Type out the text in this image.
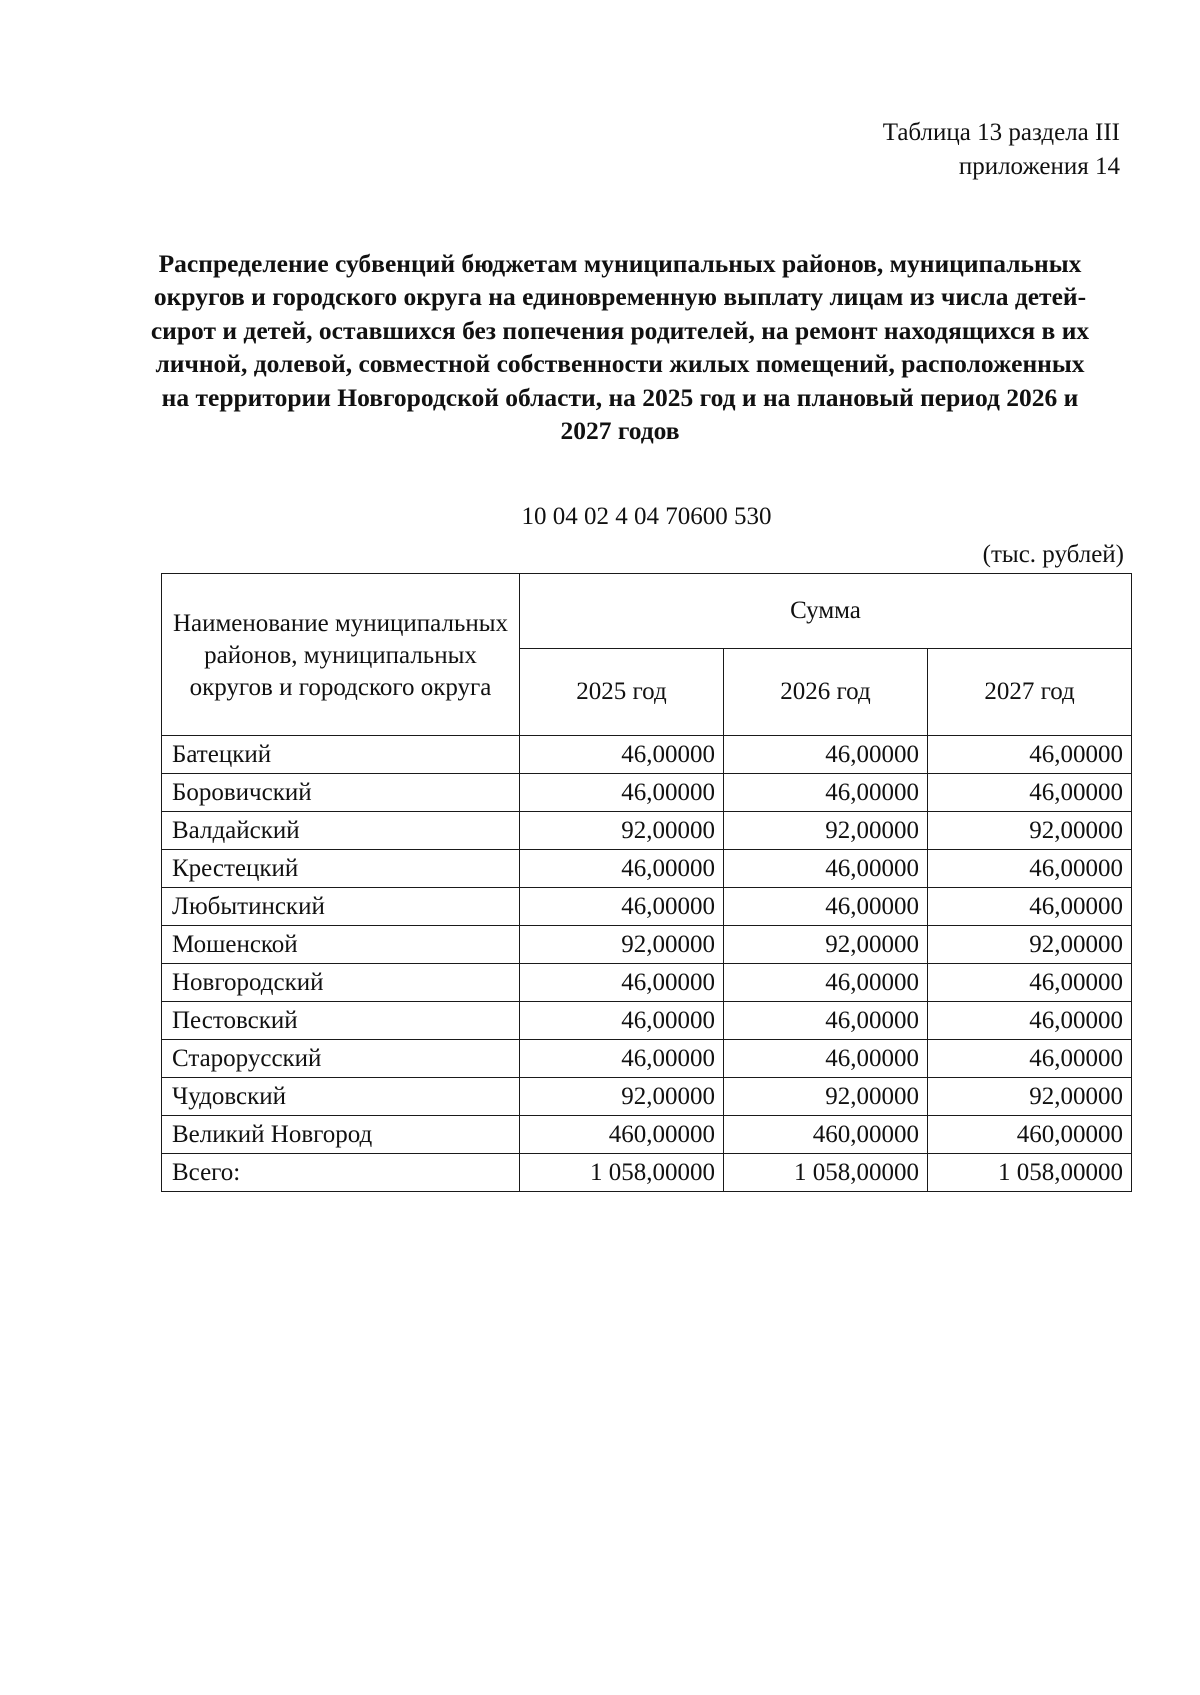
Таблица 13 раздела III
приложения 14
Распределение субвенций бюджетам муниципальных районов, муниципальных округов и городского округа на единовременную выплату лицам из числа детей-сирот и детей, оставшихся без попечения родителей, на ремонт находящихся в их личной, долевой, совместной собственности жилых помещений, расположенных на территории Новгородской области, на 2025 год и на плановый период 2026 и 2027 годов
10 04 02 4 04 70600 530
(тыс. рублей)
Наименование муниципальных районов, муниципальных округов и городского округа	Сумма		
	2025 год	2026 год	2027 год
Батецкий	46,00000	46,00000	46,00000
Боровичский	46,00000	46,00000	46,00000
Валдайский	92,00000	92,00000	92,00000
Крестецкий	46,00000	46,00000	46,00000
Любытинский	46,00000	46,00000	46,00000
Мошенской	92,00000	92,00000	92,00000
Новгородский	46,00000	46,00000	46,00000
Пестовский	46,00000	46,00000	46,00000
Старорусский	46,00000	46,00000	46,00000
Чудовский	92,00000	92,00000	92,00000
Великий Новгород	460,00000	460,00000	460,00000
Всего:	1 058,00000	1 058,00000	1 058,00000
